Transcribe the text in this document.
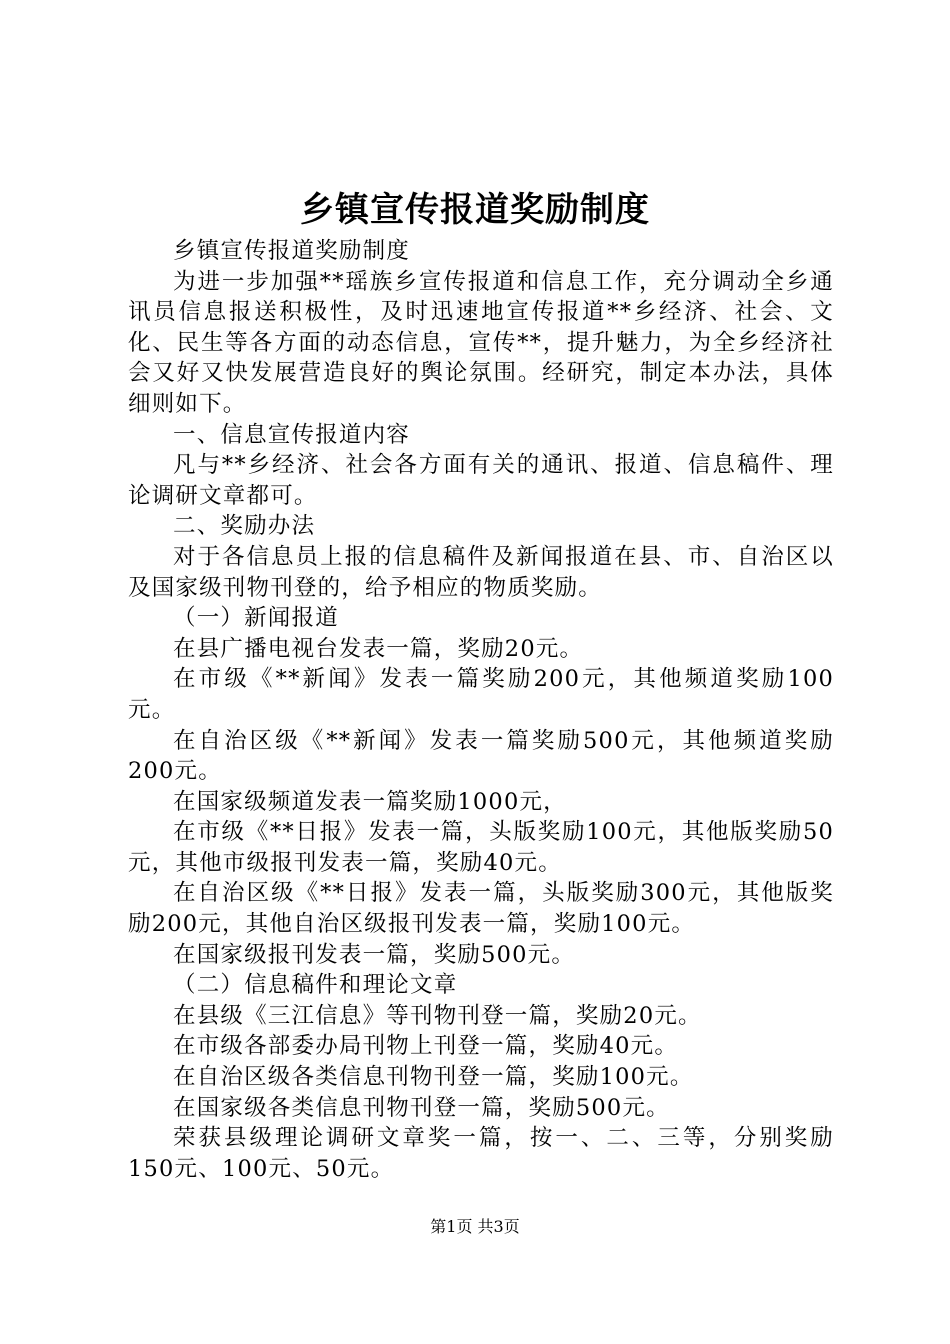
乡镇宣传报道奖励制度

乡镇宣传报道奖励制度

为进一步加强**瑶族乡宣传报道和信息工作，充分调动全乡通讯员信息报送积极性，及时迅速地宣传报道**乡经济、社会、文化、民生等各方面的动态信息，宣传**，提升魅力，为全乡经济社会又好又快发展营造良好的舆论氛围。经研究，制定本办法，具体细则如下。

一、信息宣传报道内容

凡与**乡经济、社会各方面有关的通讯、报道、信息稿件、理论调研文章都可。

二、奖励办法

对于各信息员上报的信息稿件及新闻报道在县、市、自治区以及国家级刊物刊登的，给予相应的物质奖励。

（一）新闻报道

在县广播电视台发表一篇，奖励20元。

在市级《**新闻》发表一篇奖励200元，其他频道奖励100元。

在自治区级《**新闻》发表一篇奖励500元，其他频道奖励200元。

在国家级频道发表一篇奖励1000元，

在市级《**日报》发表一篇，头版奖励100元，其他版奖励50元，其他市级报刊发表一篇，奖励40元。

在自治区级《**日报》发表一篇，头版奖励300元，其他版奖励200元，其他自治区级报刊发表一篇，奖励100元。

在国家级报刊发表一篇，奖励500元。

（二）信息稿件和理论文章

在县级《三江信息》等刊物刊登一篇，奖励20元。

在市级各部委办局刊物上刊登一篇，奖励40元。

在自治区级各类信息刊物刊登一篇，奖励100元。

在国家级各类信息刊物刊登一篇，奖励500元。

荣获县级理论调研文章奖一篇，按一、二、三等，分别奖励150元、100元、50元。

第1页 共3页
